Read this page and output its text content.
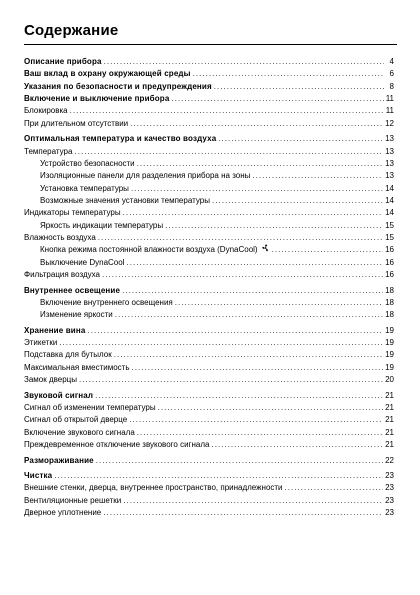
Содержание
Описание прибора . . .	4
Ваш вклад в охрану окружающей среды . . .	6
Указания по безопасности и предупреждения . . .	8
Включение и выключение прибора . . .	11
Блокировка . . .	11
При длительном отсутствии . . .	12
Оптимальная температура и качество воздуха . . .	13
Температура . . .	13
Устройство безопасности . . .	13
Изоляционные панели для разделения прибора на зоны . . .	13
Установка температуры . . .	14
Возможные значения установки температуры . . .	14
Индикаторы температуры . . .	14
Яркость индикации температуры . . .	15
Влажность воздуха . . .	15
Кнопка режима постоянной влажности воздуха (DynaCool) . . .	16
Выключение DynaCool . . .	16
Фильтрация воздуха . . .	16
Внутреннее освещение . . .	18
Включение внутреннего освещения . . .	18
Изменение яркости . . .	18
Хранение вина . . .	19
Этикетки . . .	19
Подставка для бутылок . . .	19
Максимальная вместимость . . .	19
Замок дверцы . . .	20
Звуковой сигнал . . .	21
Сигнал об изменении температуры . . .	21
Сигнал об открытой дверце . . .	21
Включение звукового сигнала . . .	21
Преждевременное отключение звукового сигнала . . .	21
Размораживание . . .	22
Чистка . . .	23
Внешние стенки, дверца, внутреннее пространство, принадлежности . . .	23
Вентиляционные решетки . . .	23
Дверное уплотнение . . .	23
